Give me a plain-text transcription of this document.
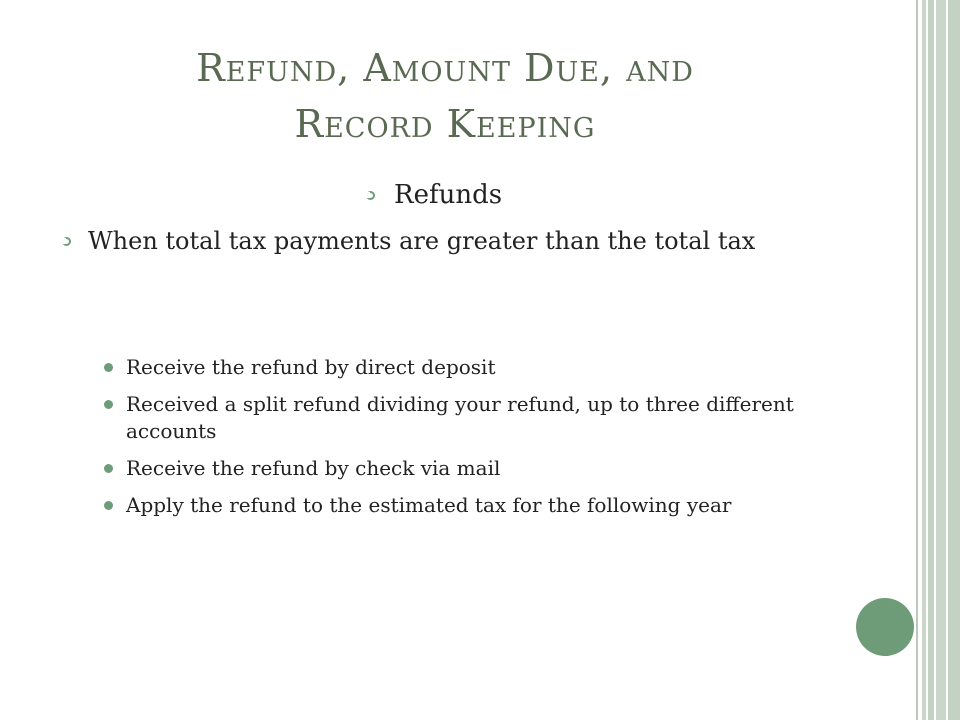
Refund, Amount Due, and
Record Keeping
Refunds
When total tax payments are greater than the total tax
Receive the refund by direct deposit
Received a split refund dividing your refund, up to three different accounts
Receive the refund by check via mail
Apply the refund to the estimated tax for the following year
